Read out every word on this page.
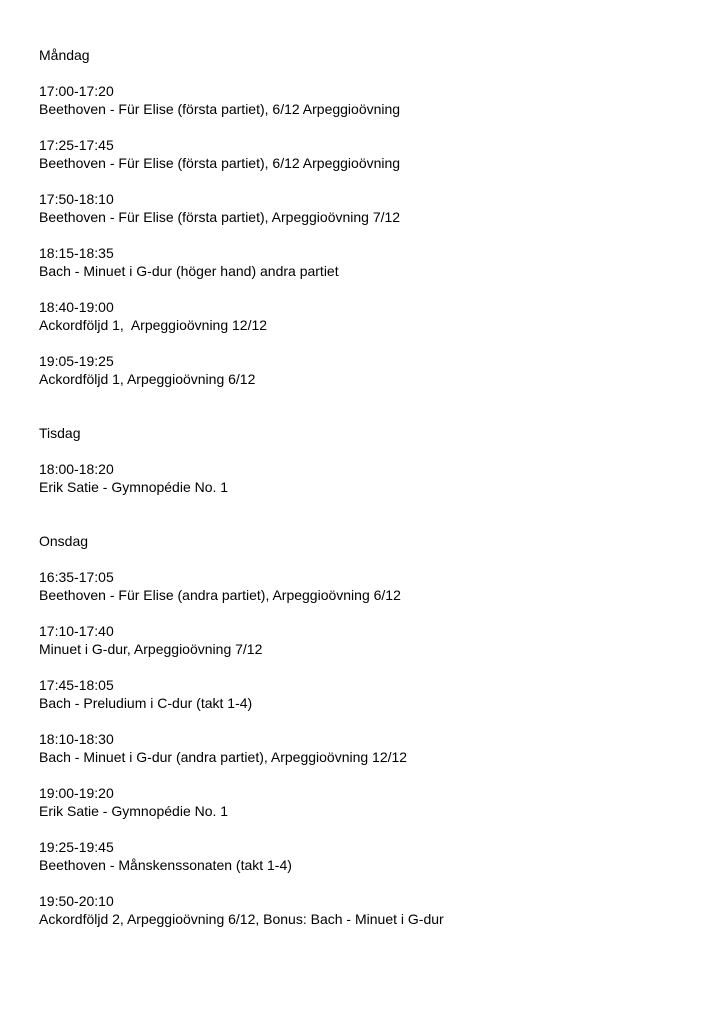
Måndag
17:00-17:20
Beethoven - Für Elise (första partiet), 6/12 Arpeggioövning
17:25-17:45
Beethoven - Für Elise (första partiet), 6/12 Arpeggioövning
17:50-18:10
Beethoven - Für Elise (första partiet), Arpeggioövning 7/12
18:15-18:35
Bach - Minuet i G-dur (höger hand) andra partiet
18:40-19:00
Ackordföljd 1,  Arpeggioövning 12/12
19:05-19:25
Ackordföljd 1, Arpeggioövning 6/12
Tisdag
18:00-18:20
Erik Satie - Gymnopédie No. 1
Onsdag
16:35-17:05
Beethoven - Für Elise (andra partiet), Arpeggioövning 6/12
17:10-17:40
Minuet i G-dur, Arpeggioövning 7/12
17:45-18:05
Bach - Preludium i C-dur (takt 1-4)
18:10-18:30
Bach - Minuet i G-dur (andra partiet), Arpeggioövning 12/12
19:00-19:20
Erik Satie - Gymnopédie No. 1
19:25-19:45
Beethoven - Månskenssonaten (takt 1-4)
19:50-20:10
Ackordföljd 2, Arpeggioövning 6/12, Bonus: Bach - Minuet i G-dur
